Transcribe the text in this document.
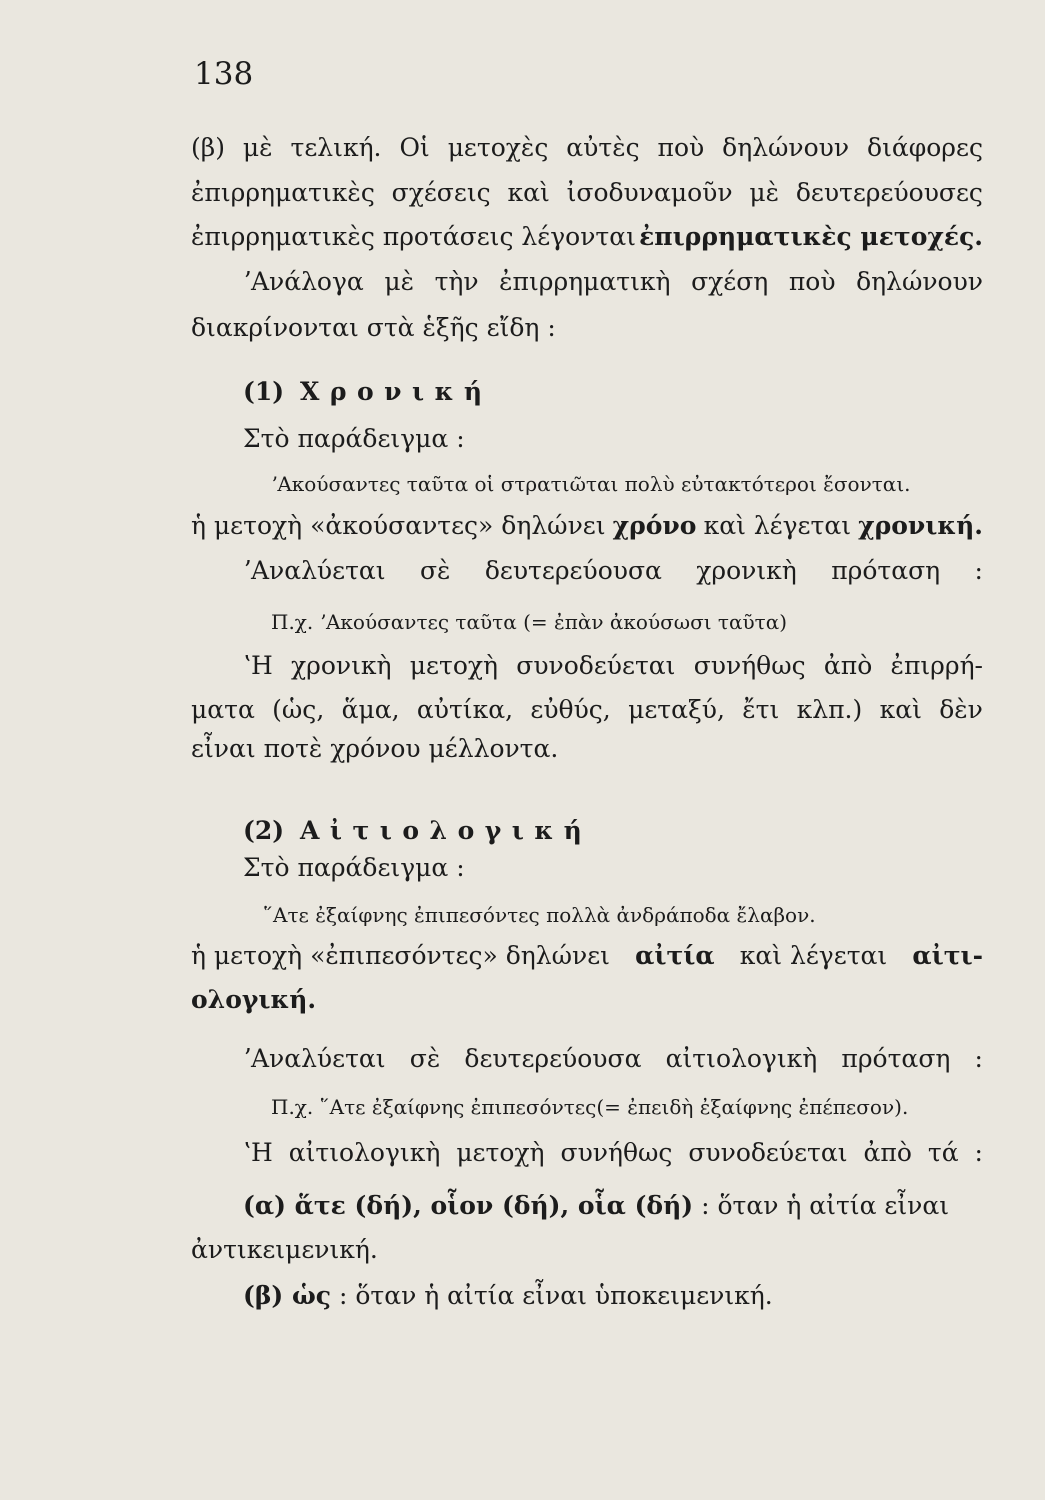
138
(β) μὲ τελική. Οἱ μετοχὲς αὐτὲς ποὺ δηλώνουν διάφορες
ἐπιρρηματικὲς σχέσεις καὶ ἰσοδυναμοῦν μὲ δευτερεύουσες
ἐπιρρηματικὲς προτάσεις λέγονται ἐπιρρηματικὲς μετοχές.
ʼΑνάλογα μὲ τὴν ἐπιρρηματικὴ σχέση ποὺ δηλώνουν
διακρίνονται στὰ ἑξῆς εἴδη :
(1) Χρονική
Στὸ παράδειγμα :
ʼΑκούσαντες ταῦτα οἱ στρατιῶται πολὺ εὐτακτότεροι ἔσονται.
ἡ μετοχὴ «ἀκούσαντες» δηλώνει χρόνο καὶ λέγεται χρονική.
ʼΑναλύεται σὲ δευτερεύουσα χρονικὴ πρόταση :
Π.χ. ʼΑκούσαντες ταῦτα (= ἐπὰν ἀκούσωσι ταῦτα)
ʽΗ χρονικὴ μετοχὴ συνοδεύεται συνήθως ἀπὸ ἐπιρρή-
ματα (ὡς, ἅμα, αὐτίκα, εὐθύς, μεταξύ, ἔτι κλπ.) καὶ δὲν
εἶναι ποτὲ χρόνου μέλλοντα.
(2) Αἰτιολογική
Στὸ παράδειγμα :
῞Ατε ἐξαίφνης ἐπιπεσόντες πολλὰ ἀνδράποδα ἔλαβον.
ἡ μετοχὴ «ἐπιπεσόντες» δηλώνει αἰτία καὶ λέγεται αἰτι-
ολογική.
ʼΑναλύεται σὲ δευτερεύουσα αἰτιολογικὴ πρόταση :
Π.χ. ῞Ατε ἐξαίφνης ἐπιπεσόντες(= ἐπειδὴ ἐξαίφνης ἐπέπεσον).
ʽΗ αἰτιολογικὴ μετοχὴ συνήθως συνοδεύεται ἀπὸ τά :
(α) ἅτε (δή), οἷον (δή), οἷα (δή) : ὅταν ἡ αἰτία εἶναι
ἀντικειμενική.
(β) ὡς : ὅταν ἡ αἰτία εἶναι ὑποκειμενική.
